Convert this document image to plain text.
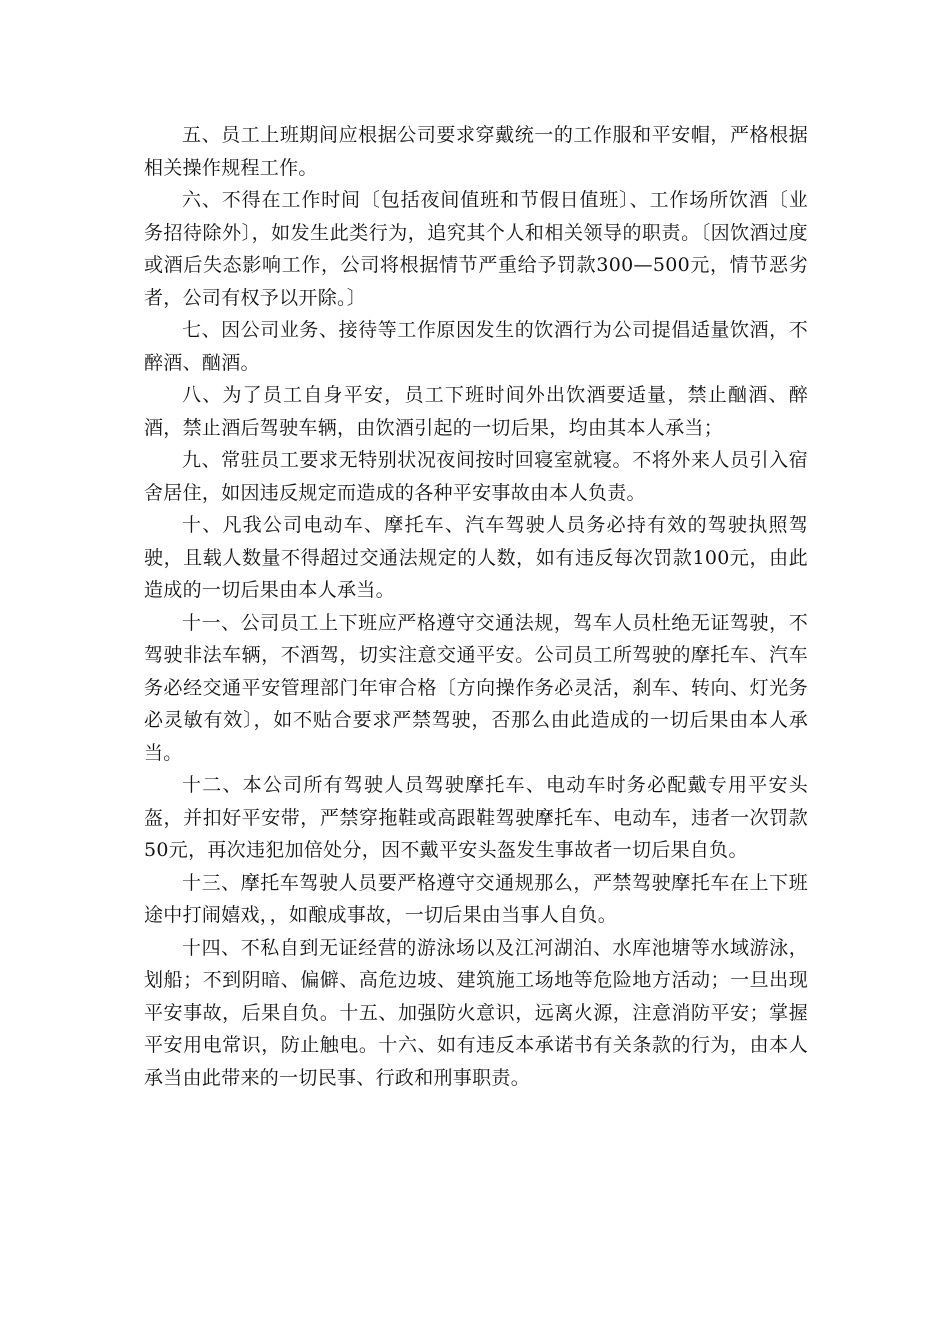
五、员工上班期间应根据公司要求穿戴统一的工作服和平安帽，严格根据相关操作规程工作。

六、不得在工作时间〔包括夜间值班和节假日值班〕、工作场所饮酒〔业务招待除外〕，如发生此类行为，追究其个人和相关领导的职责。〔因饮酒过度或酒后失态影响工作，公司将根据情节严重给予罚款300—500元，情节恶劣者，公司有权予以开除。〕

七、因公司业务、接待等工作原因发生的饮酒行为公司提倡适量饮酒，不醉酒、酗酒。

八、为了员工自身平安，员工下班时间外出饮酒要适量，禁止酗酒、醉酒，禁止酒后驾驶车辆，由饮酒引起的一切后果，均由其本人承当；

九、常驻员工要求无特别状况夜间按时回寝室就寝。不将外来人员引入宿舍居住，如因违反规定而造成的各种平安事故由本人负责。

十、凡我公司电动车、摩托车、汽车驾驶人员务必持有效的驾驶执照驾驶，且载人数量不得超过交通法规定的人数，如有违反每次罚款100元，由此造成的一切后果由本人承当。

十一、公司员工上下班应严格遵守交通法规，驾车人员杜绝无证驾驶，不驾驶非法车辆，不酒驾，切实注意交通平安。公司员工所驾驶的摩托车、汽车务必经交通平安管理部门年审合格〔方向操作务必灵活，刹车、转向、灯光务必灵敏有效〕，如不贴合要求严禁驾驶，否那么由此造成的一切后果由本人承当。

十二、本公司所有驾驶人员驾驶摩托车、电动车时务必配戴专用平安头盔，并扣好平安带，严禁穿拖鞋或高跟鞋驾驶摩托车、电动车，违者一次罚款50元，再次违犯加倍处分，因不戴平安头盔发生事故者一切后果自负。

十三、摩托车驾驶人员要严格遵守交通规那么，严禁驾驶摩托车在上下班途中打闹嬉戏，，如酿成事故，一切后果由当事人自负。

十四、不私自到无证经营的游泳场以及江河湖泊、水库池塘等水域游泳，划船；不到阴暗、偏僻、高危边坡、建筑施工场地等危险地方活动；一旦出现平安事故，后果自负。十五、加强防火意识，远离火源，注意消防平安；掌握平安用电常识，防止触电。十六、如有违反本承诺书有关条款的行为，由本人承当由此带来的一切民事、行政和刑事职责。
